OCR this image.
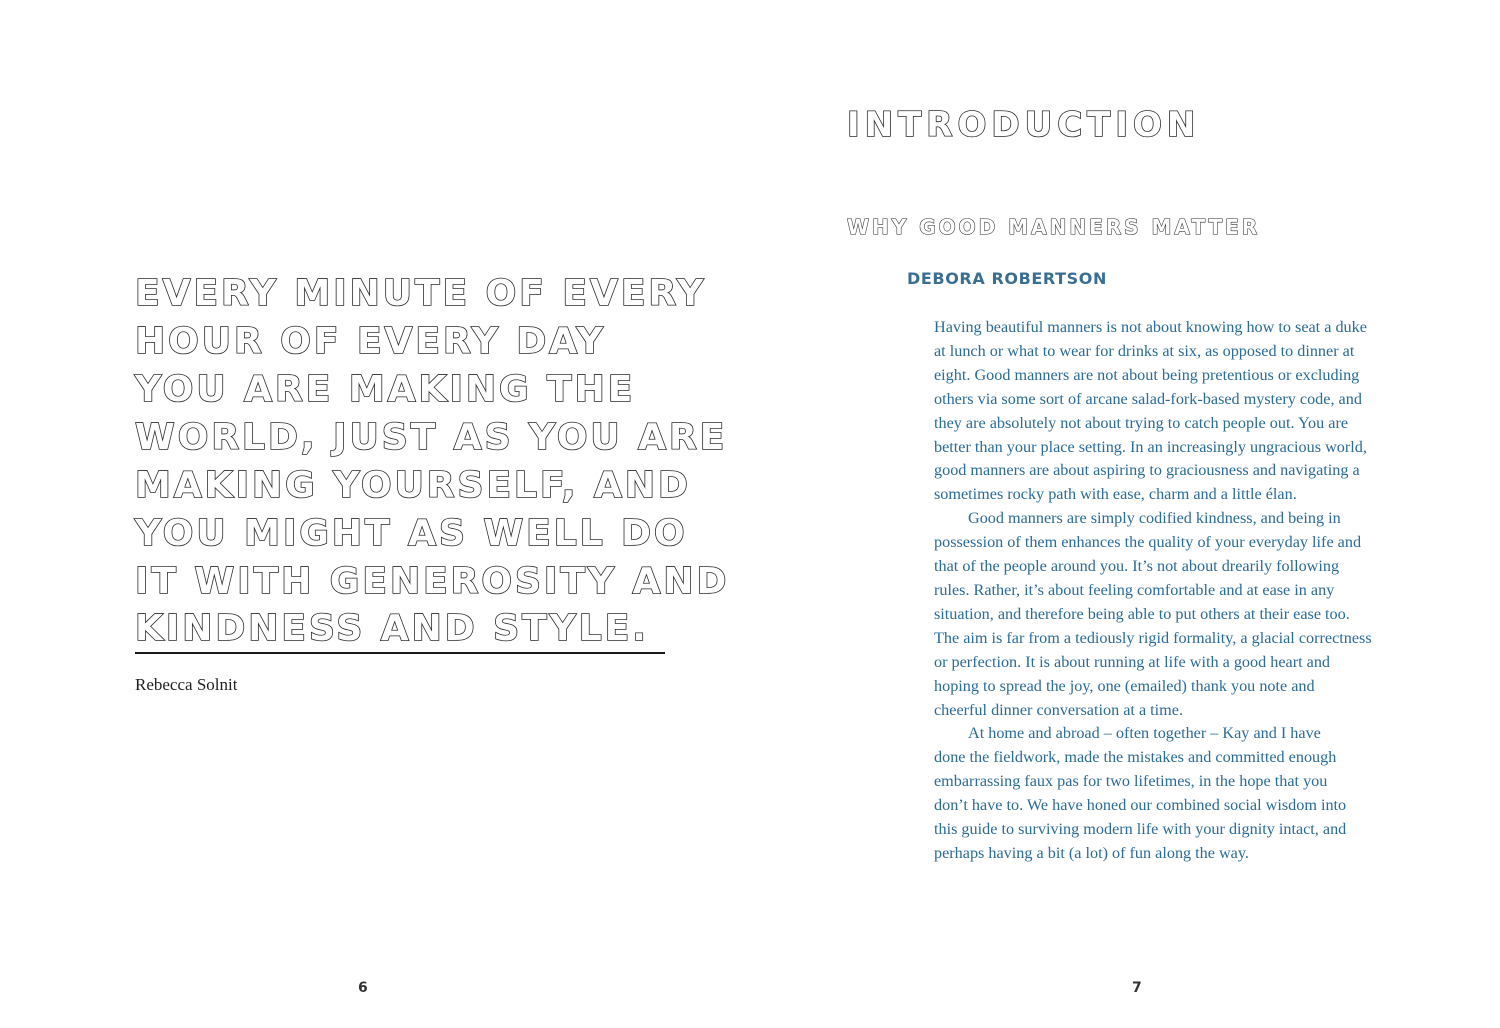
EVERY MINUTE OF EVERY
HOUR OF EVERY DAY
YOU ARE MAKING THE
WORLD, JUST AS YOU ARE
MAKING YOURSELF, AND
YOU MIGHT AS WELL DO
IT WITH GENEROSITY AND
KINDNESS AND STYLE.
Rebecca Solnit
6
INTRODUCTION
WHY GOOD MANNERS MATTER
DEBORA ROBERTSON
Having beautiful manners is not about knowing how to seat a duke
at lunch or what to wear for drinks at six, as opposed to dinner at
eight. Good manners are not about being pretentious or excluding
others via some sort of arcane salad-fork-based mystery code, and
they are absolutely not about trying to catch people out. You are
better than your place setting. In an increasingly ungracious world,
good manners are about aspiring to graciousness and navigating a
sometimes rocky path with ease, charm and a little élan.
Good manners are simply codified kindness, and being in
possession of them enhances the quality of your everyday life and
that of the people around you. It’s not about drearily following
rules. Rather, it’s about feeling comfortable and at ease in any
situation, and therefore being able to put others at their ease too.
The aim is far from a tediously rigid formality, a glacial correctness
or perfection. It is about running at life with a good heart and
hoping to spread the joy, one (emailed) thank you note and
cheerful dinner conversation at a time.
At home and abroad – often together – Kay and I have
done the fieldwork, made the mistakes and committed enough
embarrassing faux pas for two lifetimes, in the hope that you
don’t have to. We have honed our combined social wisdom into
this guide to surviving modern life with your dignity intact, and
perhaps having a bit (a lot) of fun along the way.
7
